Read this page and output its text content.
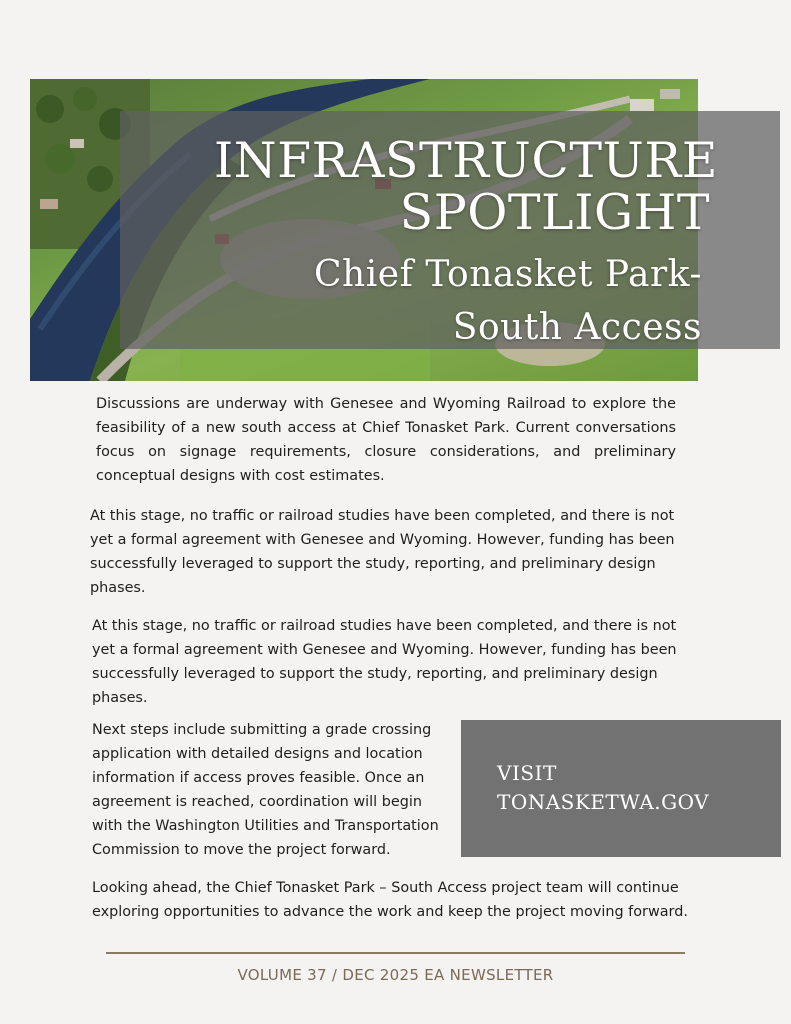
INFRASTRUCTURE
SPOTLIGHT
Chief Tonasket Park-
South Access

Discussions are underway with Genesee and Wyoming Railroad to explore the feasibility of a new south access at Chief Tonasket Park. Current conversations focus on signage requirements, closure considerations, and preliminary conceptual designs with cost estimates.

At this stage, no traffic or railroad studies have been completed, and there is not yet a formal agreement with Genesee and Wyoming. However, funding has been successfully leveraged to support the study, reporting, and preliminary design phases.

At this stage, no traffic or railroad studies have been completed, and there is not yet a formal agreement with Genesee and Wyoming. However, funding has been successfully leveraged to support the study, reporting, and preliminary design phases.

Next steps include submitting a grade crossing application with detailed designs and location information if access proves feasible. Once an agreement is reached, coordination will begin with the Washington Utilities and Transportation Commission to move the project forward.

VISIT
TONASKETWA.GOV

Looking ahead, the Chief Tonasket Park – South Access project team will continue exploring opportunities to advance the work and keep the project moving forward.

VOLUME 37 / DEC 2025 EA NEWSLETTER
